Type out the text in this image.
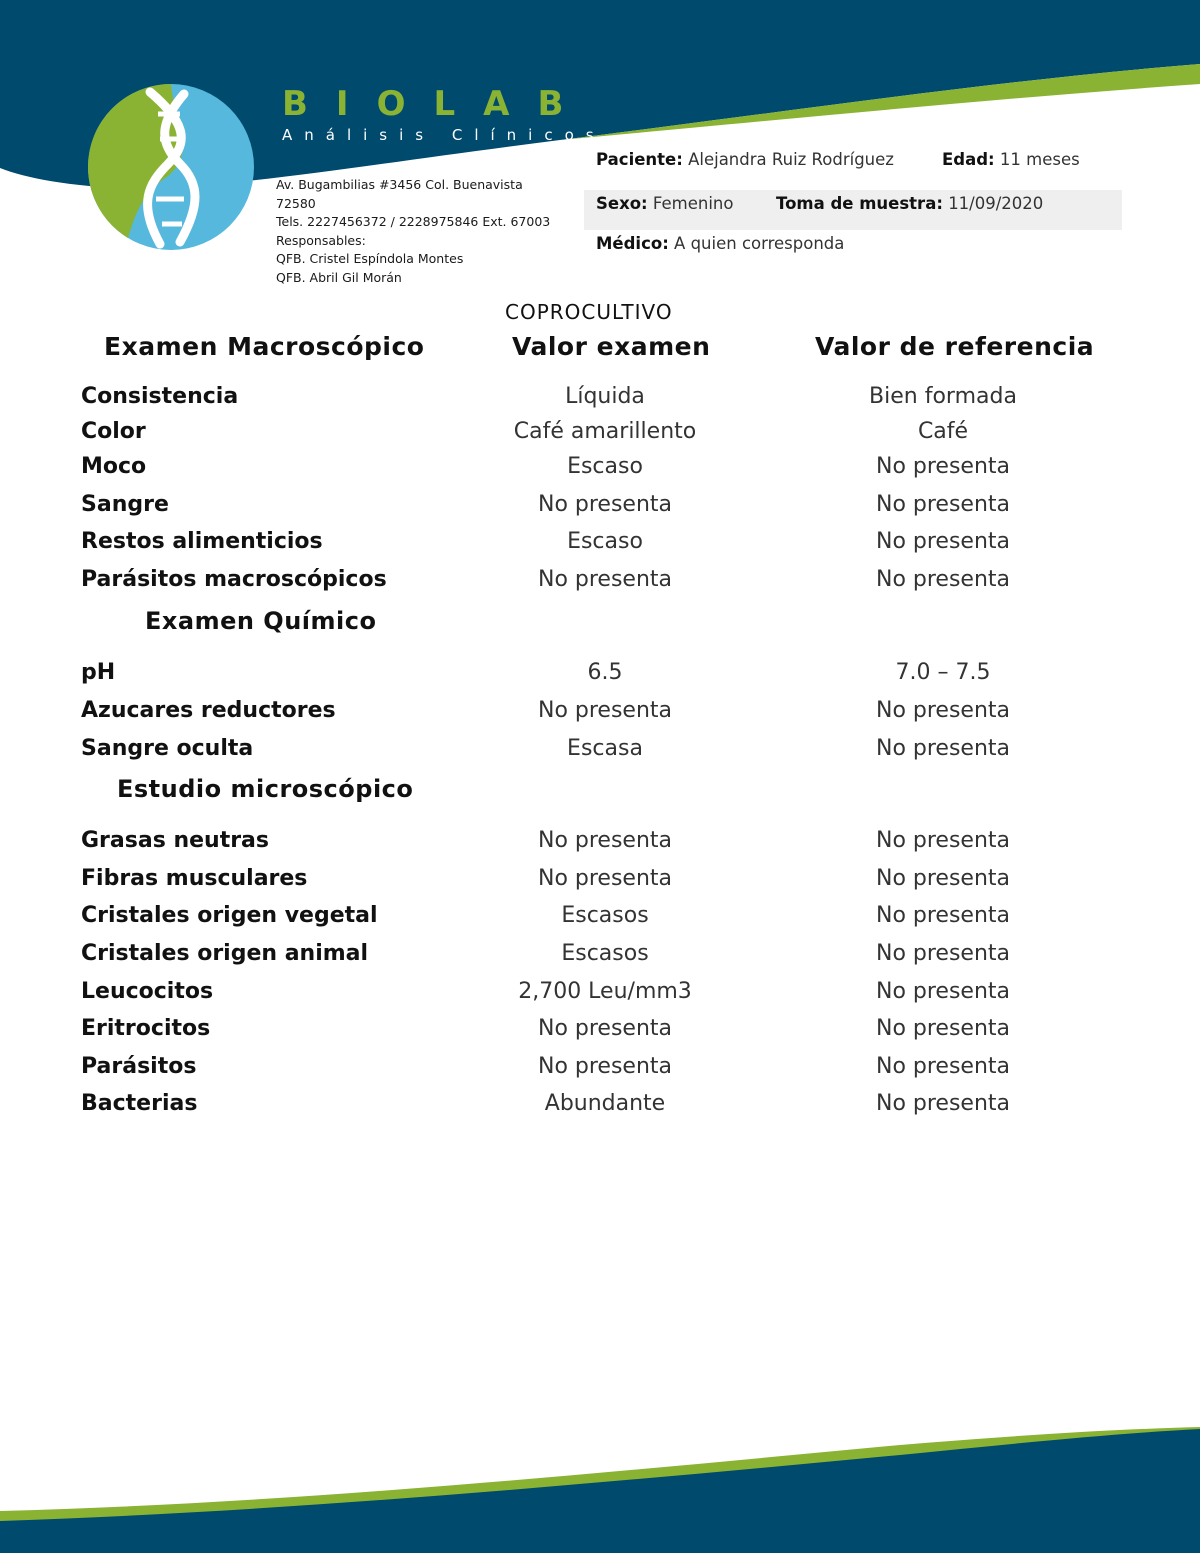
BIOLAB
Análisis Clínicos
Av. Bugambilias #3456 Col. Buenavista
72580
Tels. 2227456372 / 2228975846 Ext. 67003
Responsables:
QFB. Cristel Espíndola Montes
QFB. Abril Gil Morán
Paciente: Alejandra Ruiz Rodríguez	Edad: 11 meses
Sexo: Femenino	Toma de muestra: 11/09/2020
Médico: A quien corresponda
COPROCULTIVO
Examen Macroscópico	Valor examen	Valor de referencia
Consistencia	Líquida	Bien formada
Color	Café amarillento	Café
Moco	Escaso	No presenta
Sangre	No presenta	No presenta
Restos alimenticios	Escaso	No presenta
Parásitos macroscópicos	No presenta	No presenta
Examen Químico
pH	6.5	7.0 – 7.5
Azucares reductores	No presenta	No presenta
Sangre oculta	Escasa	No presenta
Estudio microscópico
Grasas neutras	No presenta	No presenta
Fibras musculares	No presenta	No presenta
Cristales origen vegetal	Escasos	No presenta
Cristales origen animal	Escasos	No presenta
Leucocitos	2,700 Leu/mm3	No presenta
Eritrocitos	No presenta	No presenta
Parásitos	No presenta	No presenta
Bacterias	Abundante	No presenta
